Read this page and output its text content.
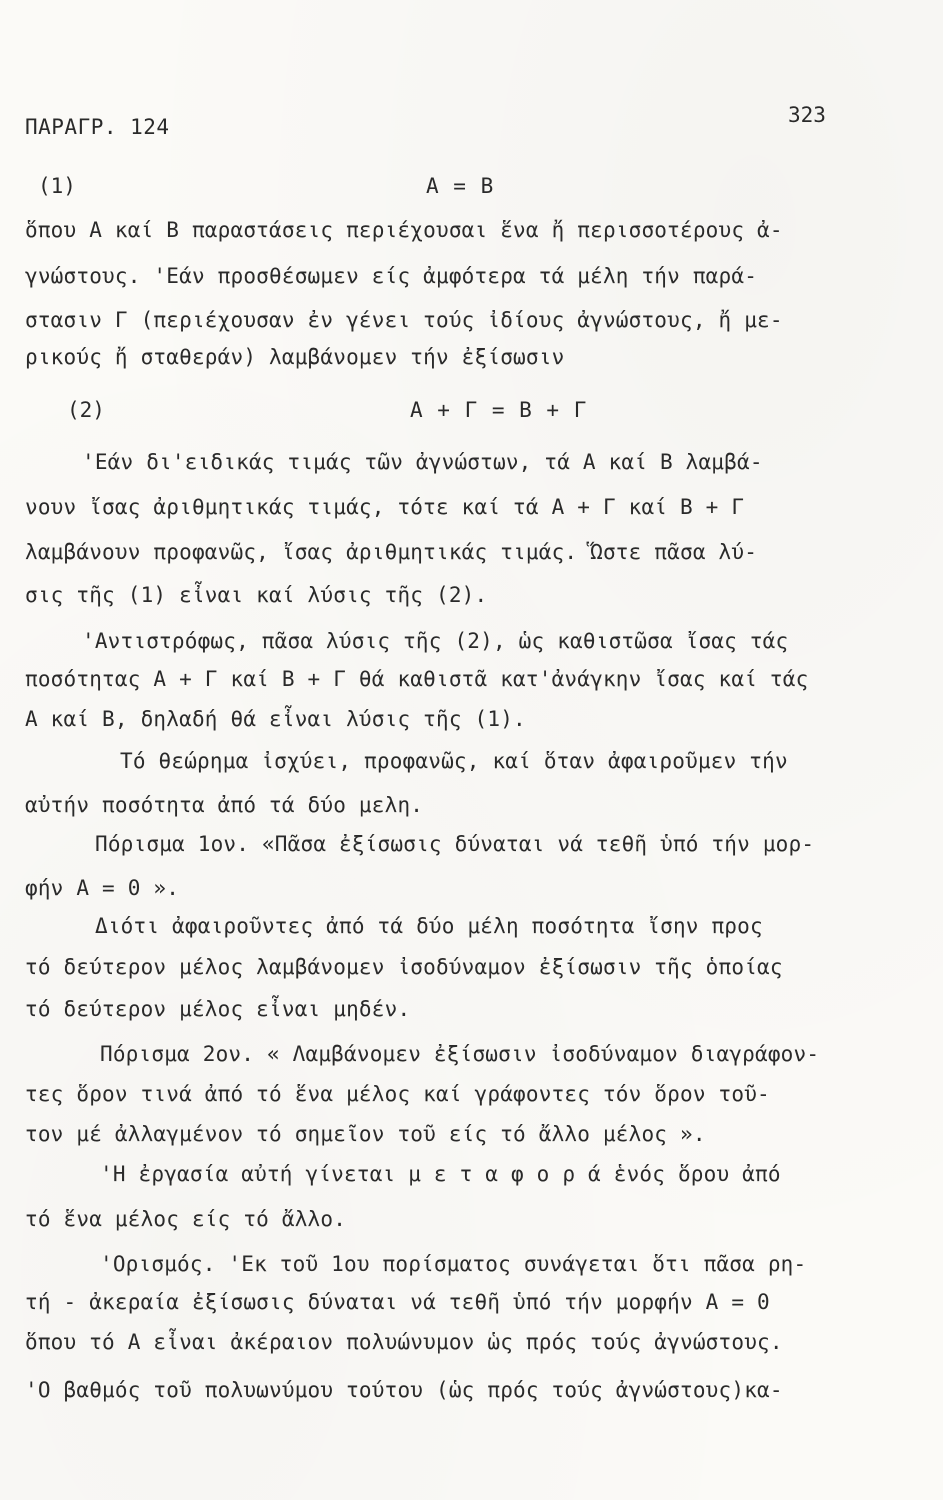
ΠΑΡΑΓΡ. 124	323
(1)	Α = Β
ὅπου Α καί Β παραστάσεις περιέχουσαι ἕνα ἤ περισσοτέρους ἀ-
γνώστους. 'Εάν προσθέσωμεν είς ἀμφότερα τά μέλη τήν παρά-
στασιν Γ (περιέχουσαν ἐν γένει τούς ἰδίους ἀγνώστους, ἤ με-
ρικούς ἤ σταθεράν) λαμβάνομεν τήν ἐξίσωσιν
(2)	Α + Γ = Β + Γ
'Εάν δι'ειδικάς τιμάς τῶν ἀγνώστων, τά Α καί Β λαμβά-
νουν ἴσας ἀριθμητικάς τιμάς, τότε καί τά Α + Γ καί Β + Γ
λαμβάνουν προφανῶς, ἴσας ἀριθμητικάς τιμάς. Ὥστε πᾶσα λύ-
σις τῆς (1) εἶναι καί λύσις τῆς (2).
'Αντιστρόφως, πᾶσα λύσις τῆς (2), ὡς καθιστῶσα ἴσας τάς
ποσότητας Α + Γ καί Β + Γ θά καθιστᾶ κατ'ἀνάγκην ἴσας καί τάς
Α καί Β, δηλαδή θά εἶναι λύσις τῆς (1).
Τό θεώρημα ἰσχύει, προφανῶς, καί ὅταν ἀφαιροῦμεν τήν
αὐτήν ποσότητα ἀπό τά δύο μελη.
Πόρισμα 1ον. «Πᾶσα ἐξίσωσις δύναται νά τεθῆ ὑπό τήν μορ-
φήν Α = 0 ».
Διότι ἀφαιροῦντες ἀπό τά δύο μέλη ποσότητα ἴσην προς
τό δεύτερον μέλος λαμβάνομεν ἰσοδύναμον ἐξίσωσιν τῆς ὁποίας
τό δεύτερον μέλος εἶναι μηδέν.
Πόρισμα 2ον. « Λαμβάνομεν ἐξίσωσιν ἰσοδύναμον διαγράφον-
τες ὅρον τινά ἀπό τό ἕνα μέλος καί γράφοντες τόν ὅρον τοῦ-
τον μέ ἀλλαγμένον τό σημεῖον τοῦ είς τό ἄλλο μέλος ».
'Η ἐργασία αὐτή γίνεται μ ε τ α φ ο ρ ά ἑνός ὅρου ἀπό
τό ἕνα μέλος είς τό ἄλλο.
'Ορισμός. 'Εκ τοῦ 1ου πορίσματος συνάγεται ὅτι πᾶσα ρη-
τή - ἀκεραία ἐξίσωσις δύναται νά τεθῆ ὑπό τήν μορφήν Α = 0
ὅπου τό Α εἶναι ἀκέραιον πολυώνυμον ὡς πρός τούς ἀγνώστους.
'Ο βαθμός τοῦ πολυωνύμου τούτου (ὡς πρός τούς ἀγνώστους)κα-
